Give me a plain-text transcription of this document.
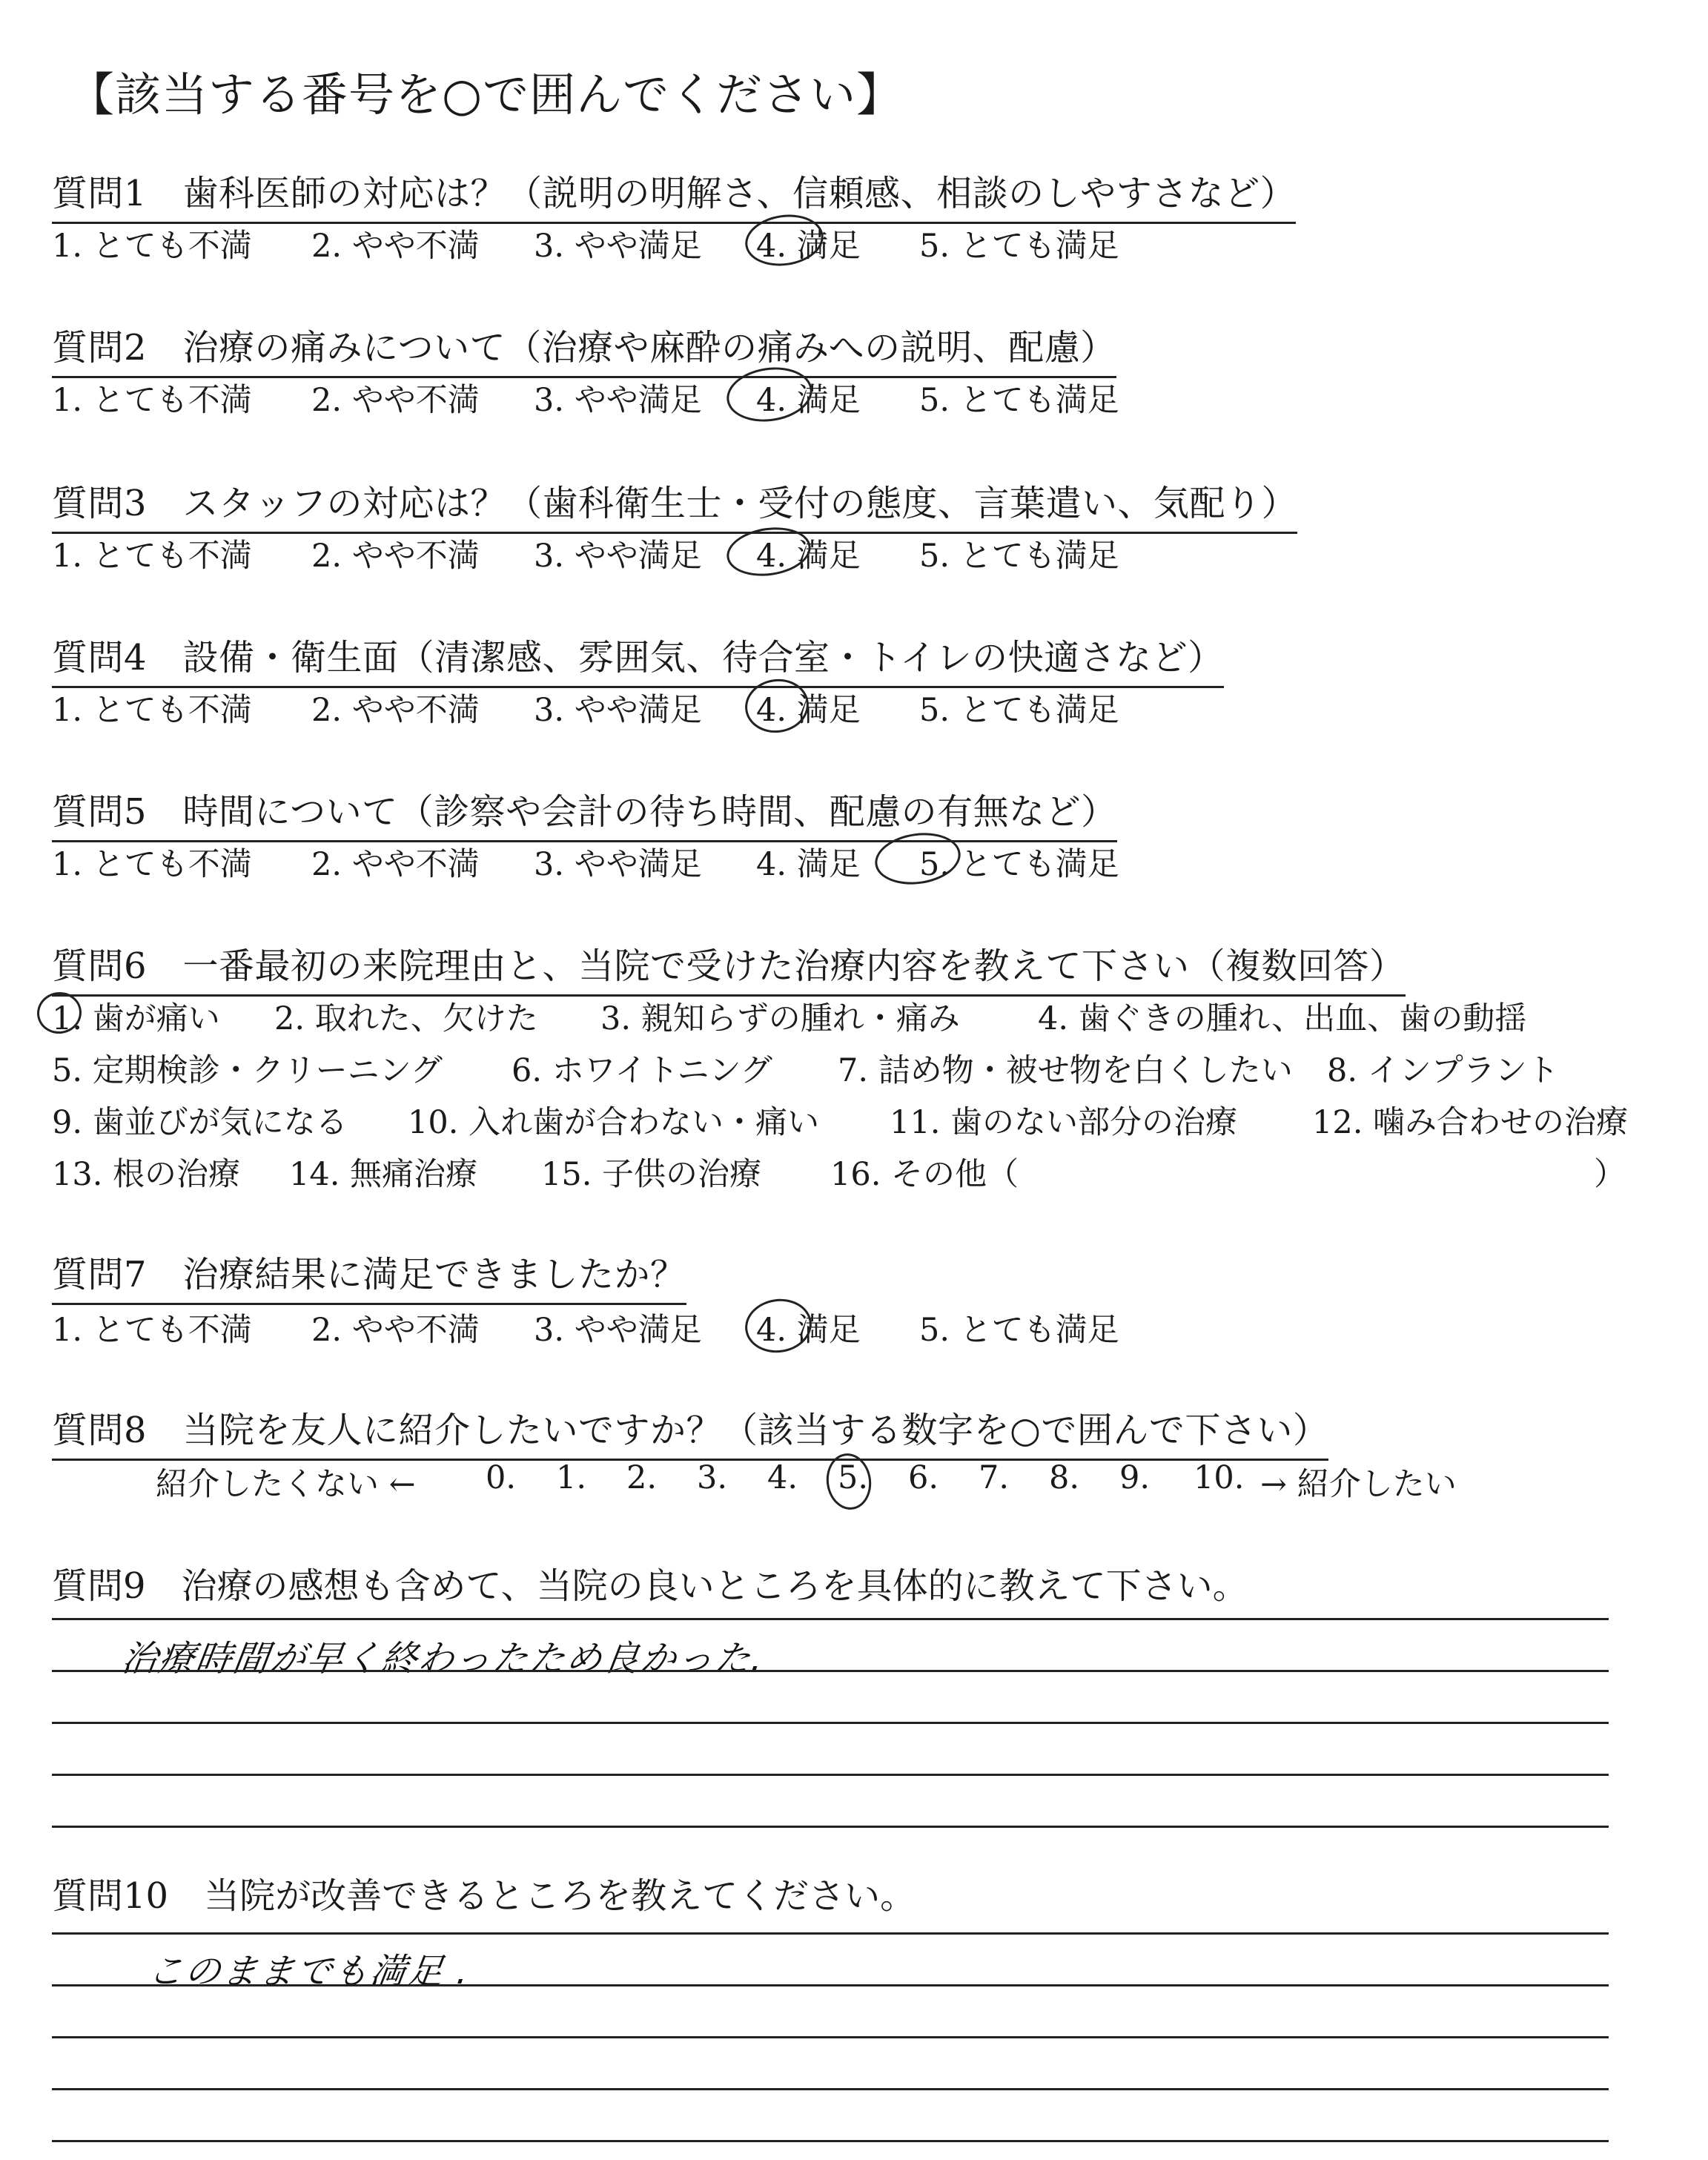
【該当する番号を○で囲んでください】
質問1　歯科医師の対応は？（説明の明解さ、信頼感、相談のしやすさなど）
1. とても不満 2. やや不満 3. やや満足 4. 満足 5. とても満足
質問2　治療の痛みについて（治療や麻酔の痛みへの説明、配慮）
1. とても不満 2. やや不満 3. やや満足 4. 満足 5. とても満足
質問3　スタッフの対応は？（歯科衛生士・受付の態度、言葉遣い、気配り）
1. とても不満 2. やや不満 3. やや満足 4. 満足 5. とても満足
質問4　設備・衛生面（清潔感、雰囲気、待合室・トイレの快適さなど）
1. とても不満 2. やや不満 3. やや満足 4. 満足 5. とても満足
質問5　時間について（診察や会計の待ち時間、配慮の有無など）
1. とても不満 2. やや不満 3. やや満足 4. 満足 5. とても満足
質問6　一番最初の来院理由と、当院で受けた治療内容を教えて下さい（複数回答）
1. 歯が痛い 2. 取れた、欠けた 3. 親知らずの腫れ・痛み 4. 歯ぐきの腫れ、出血、歯の動揺
5. 定期検診・クリーニング 6. ホワイトニング 7. 詰め物・被せ物を白くしたい 8. インプラント
9. 歯並びが気になる 10. 入れ歯が合わない・痛い 11. 歯のない部分の治療 12. 噛み合わせの治療
13. 根の治療 14. 無痛治療 15. 子供の治療 16. その他（	）
質問7　治療結果に満足できましたか？
1. とても不満 2. やや不満 3. やや満足 4. 満足 5. とても満足
質問8　当院を友人に紹介したいですか？（該当する数字を○で囲んで下さい）
紹介したくない ← 0. 1. 2. 3. 4. 5. 6. 7. 8. 9. 10. → 紹介したい
質問9　治療の感想も含めて、当院の良いところを具体的に教えて下さい。
治療時間が早く終わったため良かった.
質問10　当院が改善できるところを教えてください。
このままでも満足 .
